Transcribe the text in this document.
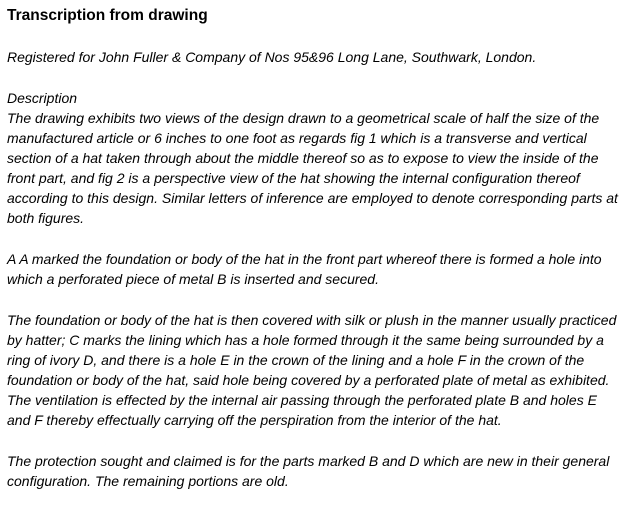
Transcription from drawing

Registered for John Fuller & Company of Nos 95&96 Long Lane, Southwark, London.

Description

The drawing exhibits two views of the design drawn to a geometrical scale of half the size of the manufactured article or 6 inches to one foot as regards fig 1 which is a transverse and vertical section of a hat taken through about the middle thereof so as to expose to view the inside of the front part, and fig 2 is a perspective view of the hat showing the internal configuration thereof according to this design. Similar letters of inference are employed to denote corresponding parts at both figures.

A A marked the foundation or body of the hat in the front part whereof there is formed a hole into which a perforated piece of metal B is inserted and secured.

The foundation or body of the hat is then covered with silk or plush in the manner usually practiced by hatter; C marks the lining which has a hole formed through it the same being surrounded by a ring of ivory D, and there is a hole E in the crown of the lining and a hole F in the crown of the foundation or body of the hat, said hole being covered by a perforated plate of metal as exhibited. The ventilation is effected by the internal air passing through the perforated plate B and holes E and F thereby effectually carrying off the perspiration from the interior of the hat.

The protection sought and claimed is for the parts marked B and D which are new in their general configuration. The remaining portions are old.
